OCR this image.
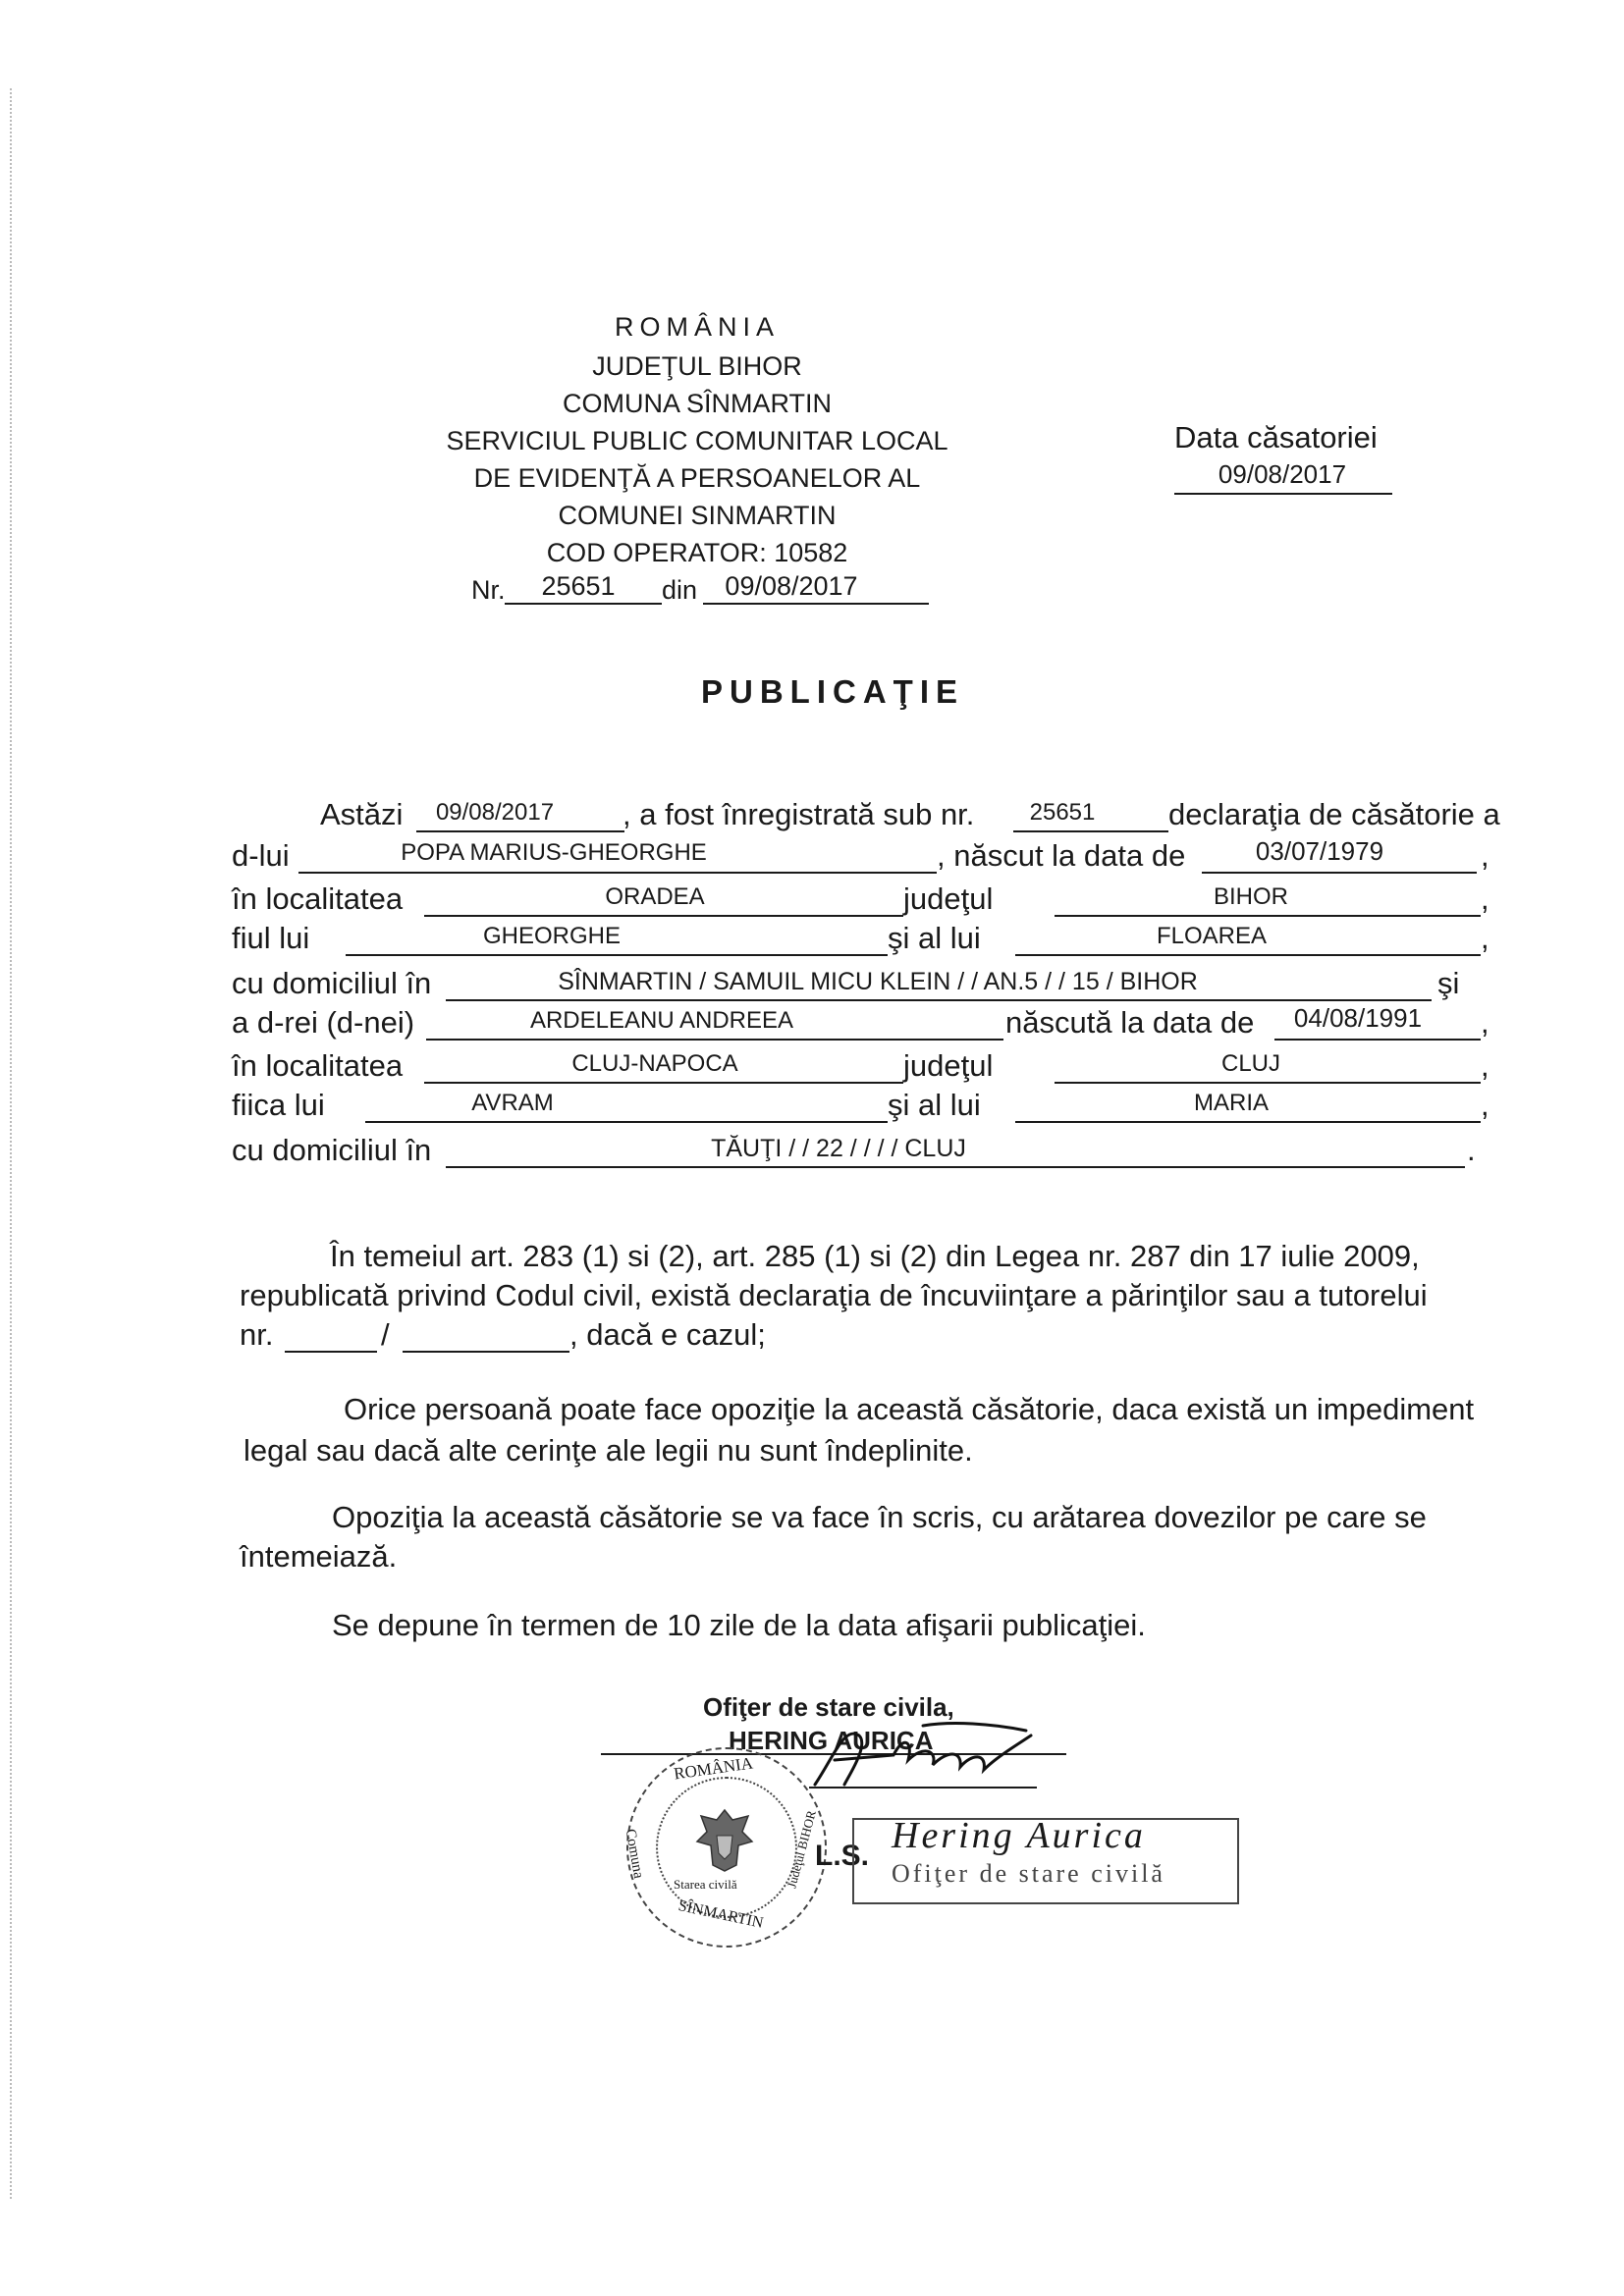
ROMÂNIA
JUDEŢUL BIHOR
COMUNA SÎNMARTIN
SERVICIUL PUBLIC COMUNITAR LOCAL
DE EVIDENŢĂ A PERSOANELOR AL
COMUNEI SINMARTIN
COD OPERATOR: 10582
Nr.	25651	din	09/08/2017
Data căsatoriei
09/08/2017
PUBLICAŢIE
Astăzi	09/08/2017	, a fost înregistrată sub nr.	25651	declaraţia de căsătorie a
d-lui	POPA MARIUS-GHEORGHE	, născut la data de	03/07/1979	,
în localitatea	ORADEA	judeţul	BIHOR	,
fiul lui	GHEORGHE	şi al lui	FLOAREA	,
cu domiciliul în	SÎNMARTIN / SAMUIL MICU KLEIN / / AN.5 / / 15 / BIHOR	şi
a d-rei (d-nei)	ARDELEANU ANDREEA	născută la data de	04/08/1991	,
în localitatea	CLUJ-NAPOCA	judeţul	CLUJ	,
fiica lui	AVRAM	şi al lui	MARIA	,
cu domiciliul în	TĂUŢI / / 22 / / / / CLUJ	.
În temeiul art. 283 (1) si (2), art. 285 (1) si (2) din Legea nr. 287 din 17 iulie 2009,
republicată privind Codul civil, există declaraţia de încuviinţare a părinţilor sau a tutorelui
nr.	/	, dacă e cazul;
Orice persoană poate face opoziţie la această căsătorie, daca există un impediment
legal sau dacă alte cerinţe ale legii nu sunt îndeplinite.
Opoziţia la această căsătorie se va face în scris, cu arătarea dovezilor pe care se
întemeiază.
Se depune în termen de 10 zile de la data afişarii publicaţiei.
Ofiţer de stare civila,
HERING AURICA
ROMÂNIA
Comuna	Judeţul BIHOR
SÎNMARTIN
Starea civilă
L.S. Hering Aurica
Ofiţer de stare civilă
